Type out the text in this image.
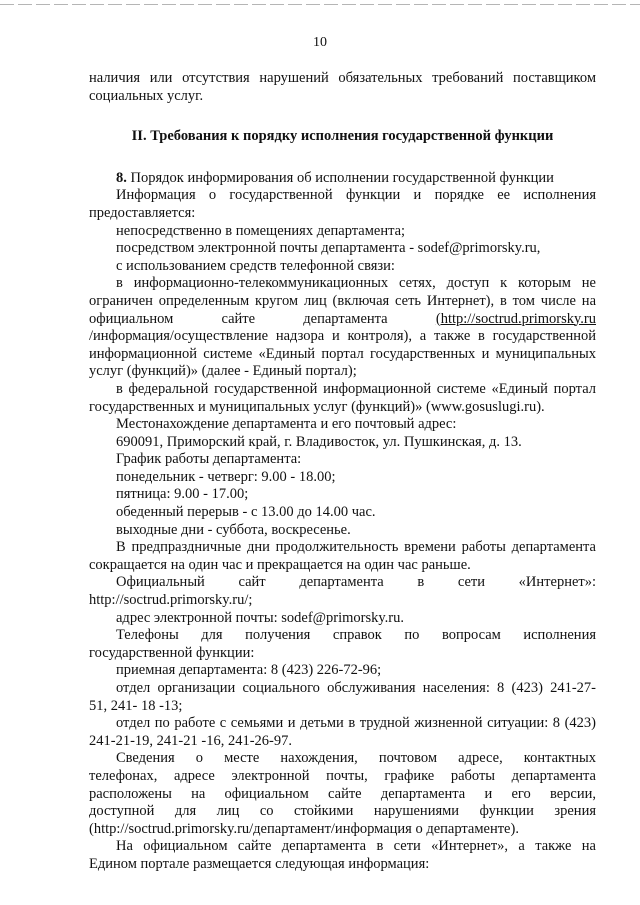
10

наличия или отсутствия нарушений обязательных требований поставщиком

социальных услуг.

II. Требования к порядку исполнения государственной функции

8. Порядок информирования об исполнении государственной функции

Информация о государственной функции и порядке ее исполнения

предоставляется:

непосредственно в помещениях департамента;

посредством электронной почты департамента - sodef@primorsky.ru,

с использованием средств телефонной связи:

в информационно-телекоммуникационных сетях, доступ к которым не

ограничен определенным кругом лиц (включая сеть Интернет), в том числе на

официальном сайте департамента	(http://soctrud.primorsky.ru

/информация/осуществление надзора и контроля), а также в государственной

информационной системе «Единый портал государственных и муниципальных

услуг (функций)» (далее - Единый портал);

в федеральной государственной информационной системе «Единый портал

государственных и муниципальных услуг (функций)» (www.gosuslugi.ru).

Местонахождение департамента и его почтовый адрес:

690091, Приморский край, г. Владивосток, ул. Пушкинская, д. 13.

График работы департамента:

понедельник - четверг: 9.00 - 18.00;

пятница: 9.00 - 17.00;

обеденный перерыв - с 13.00 до 14.00 час.

выходные дни - суббота, воскресенье.

В предпраздничные дни продолжительность времени работы департамента

сокращается на один час и прекращается на один час раньше.

Официальный сайт департамента в сети «Интернет»:

http://soctrud.primorsky.ru/;

адрес электронной почты: sodef@primorsky.ru.

Телефоны для получения справок по вопросам исполнения

государственной функции:

приемная департамента: 8 (423) 226-72-96;

отдел организации социального обслуживания населения: 8 (423) 241-27-

51, 241- 18 -13;

отдел по работе с семьями и детьми в трудной жизненной ситуации: 8 (423)

241-21-19, 241-21 -16, 241-26-97.

Сведения о месте нахождения, почтовом адресе, контактных

телефонах, адресе электронной почты, графике работы департамента

расположены на официальном сайте департамента и его версии,

доступной для лиц со стойкими нарушениями функции зрения

(http://soctrud.primorsky.ru/департамент/информация о департаменте).

На официальном сайте департамента в сети «Интернет», а также на

Едином портале размещается следующая информация:
